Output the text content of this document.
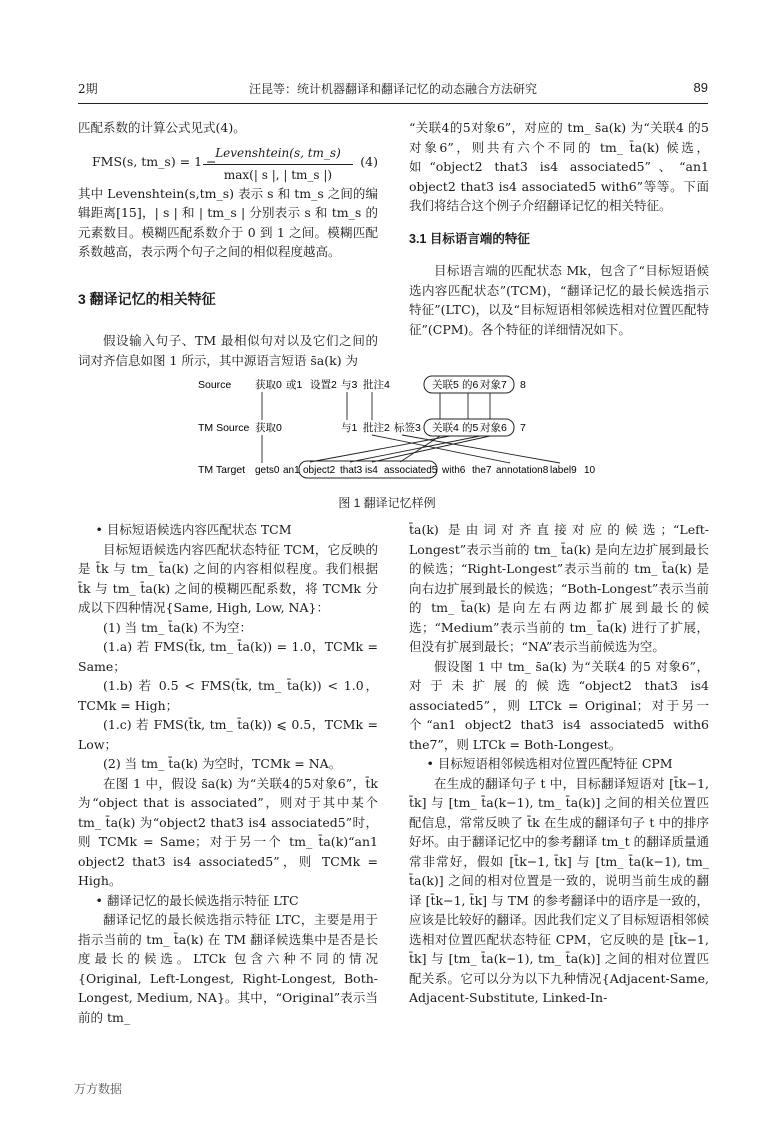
2期	汪昆等：统计机器翻译和翻译记忆的动态融合方法研究	89

匹配系数的计算公式见式(4)。

FMS(s, tm_s) = 1 −
Levenshtein(s, tm_s)
max(| s |, | tm_s |)
(4)

其中 Levenshtein(s,tm_s) 表示 s 和 tm_s 之间的编辑距离[15]，| s | 和 | tm_s | 分别表示 s 和 tm_s 的元素数目。模糊匹配系数介于 0 到 1 之间。模糊匹配系数越高，表示两个句子之间的相似程度越高。

3 翻译记忆的相关特征

假设输入句子、TM 最相似句对以及它们之间的词对齐信息如图 1 所示，其中源语言短语 s̄a(k) 为

“关联4的5对象6”，对应的 tm_ s̄a(k) 为“关联4 的5 对象6”，则共有六个不同的 tm_ t̄a(k) 候选，如“object2 that3 is4 associated5”、“an1 object2 that3 is4 associated5 with6”等等。下面我们将结合这个例子介绍翻译记忆的相关特征。

3.1 目标语言端的特征

目标语言端的匹配状态 Mk，包含了“目标短语候选内容匹配状态”(TCM)，“翻译记忆的最长候选指示特征”(LTC)，以及“目标短语相邻候选相对位置匹配特征”(CPM)。各个特征的详细情况如下。

Source
TM Source
TM Target
获取0 或1 设置2 与3 批注4	关联5 的6 对象7 8
获取0	与1 批注2 标签3 关联4 的5 对象6 7
gets0 an1 object2 that3 is4 associated5 with6 the7 annotation8 label9 10
图 1 翻译记忆样例

• 目标短语候选内容匹配状态 TCM

目标短语候选内容匹配状态特征 TCM，它反映的是 t̄k 与 tm_ t̄a(k) 之间的内容相似程度。我们根据 t̄k 与 tm_ t̄a(k) 之间的模糊匹配系数，将 TCMk 分成以下四种情况{Same, High, Low, NA}：

(1) 当 tm_ t̄a(k) 不为空：

(1.a) 若 FMS(t̄k, tm_ t̄a(k)) = 1.0，TCMk = Same；

(1.b) 若 0.5 < FMS(t̄k, tm_ t̄a(k)) < 1.0，TCMk = High；

(1.c) 若 FMS(t̄k, tm_ t̄a(k)) ⩽ 0.5，TCMk = Low；

(2) 当 tm_ t̄a(k) 为空时，TCMk = NA。

在图 1 中，假设 s̄a(k) 为“关联4的5对象6”，t̄k 为“object that is associated”，则对于其中某个 tm_ t̄a(k) 为“object2 that3 is4 associated5”时，则 TCMk = Same；对于另一个 tm_ t̄a(k)“an1 object2 that3 is4 associated5”，则 TCMk = High。

• 翻译记忆的最长候选指示特征 LTC

翻译记忆的最长候选指示特征 LTC，主要是用于指示当前的 tm_ t̄a(k) 在 TM 翻译候选集中是否是长度最长的候选。LTCk 包含六种不同的情况{Original, Left-Longest, Right-Longest, Both-Longest, Medium, NA}。其中，“Original”表示当前的 tm_

t̄a(k) 是由词对齐直接对应的候选；“Left-Longest”表示当前的 tm_ t̄a(k) 是向左边扩展到最长的候选；“Right-Longest”表示当前的 tm_ t̄a(k) 是向右边扩展到最长的候选；“Both-Longest”表示当前的 tm_ t̄a(k) 是向左右两边都扩展到最长的候选；“Medium”表示当前的 tm_ t̄a(k) 进行了扩展，但没有扩展到最长；“NA”表示当前候选为空。

假设图 1 中 tm_ s̄a(k) 为“关联4 的5 对象6”，对于未扩展的候选“object2 that3 is4 associated5”，则 LTCk = Original；对于另一个“an1 object2 that3 is4 associated5 with6 the7”，则 LTCk = Both-Longest。

• 目标短语相邻候选相对位置匹配特征 CPM

在生成的翻译句子 t 中，目标翻译短语对 [t̄k−1, t̄k] 与 [tm_ t̄a(k−1), tm_ t̄a(k)] 之间的相关位置匹配信息，常常反映了 t̄k 在生成的翻译句子 t 中的排序好坏。由于翻译记忆中的参考翻译 tm_t 的翻译质量通常非常好，假如 [t̄k−1, t̄k] 与 [tm_ t̄a(k−1), tm_ t̄a(k)] 之间的相对位置是一致的，说明当前生成的翻译 [t̄k−1, t̄k] 与 TM 的参考翻译中的语序是一致的，应该是比较好的翻译。因此我们定义了目标短语相邻候选相对位置匹配状态特征 CPM，它反映的是 [t̄k−1, t̄k] 与 [tm_ t̄a(k−1), tm_ t̄a(k)] 之间的相对位置匹配关系。它可以分为以下九种情况{Adjacent-Same, Adjacent-Substitute, Linked-In-

万方数据
